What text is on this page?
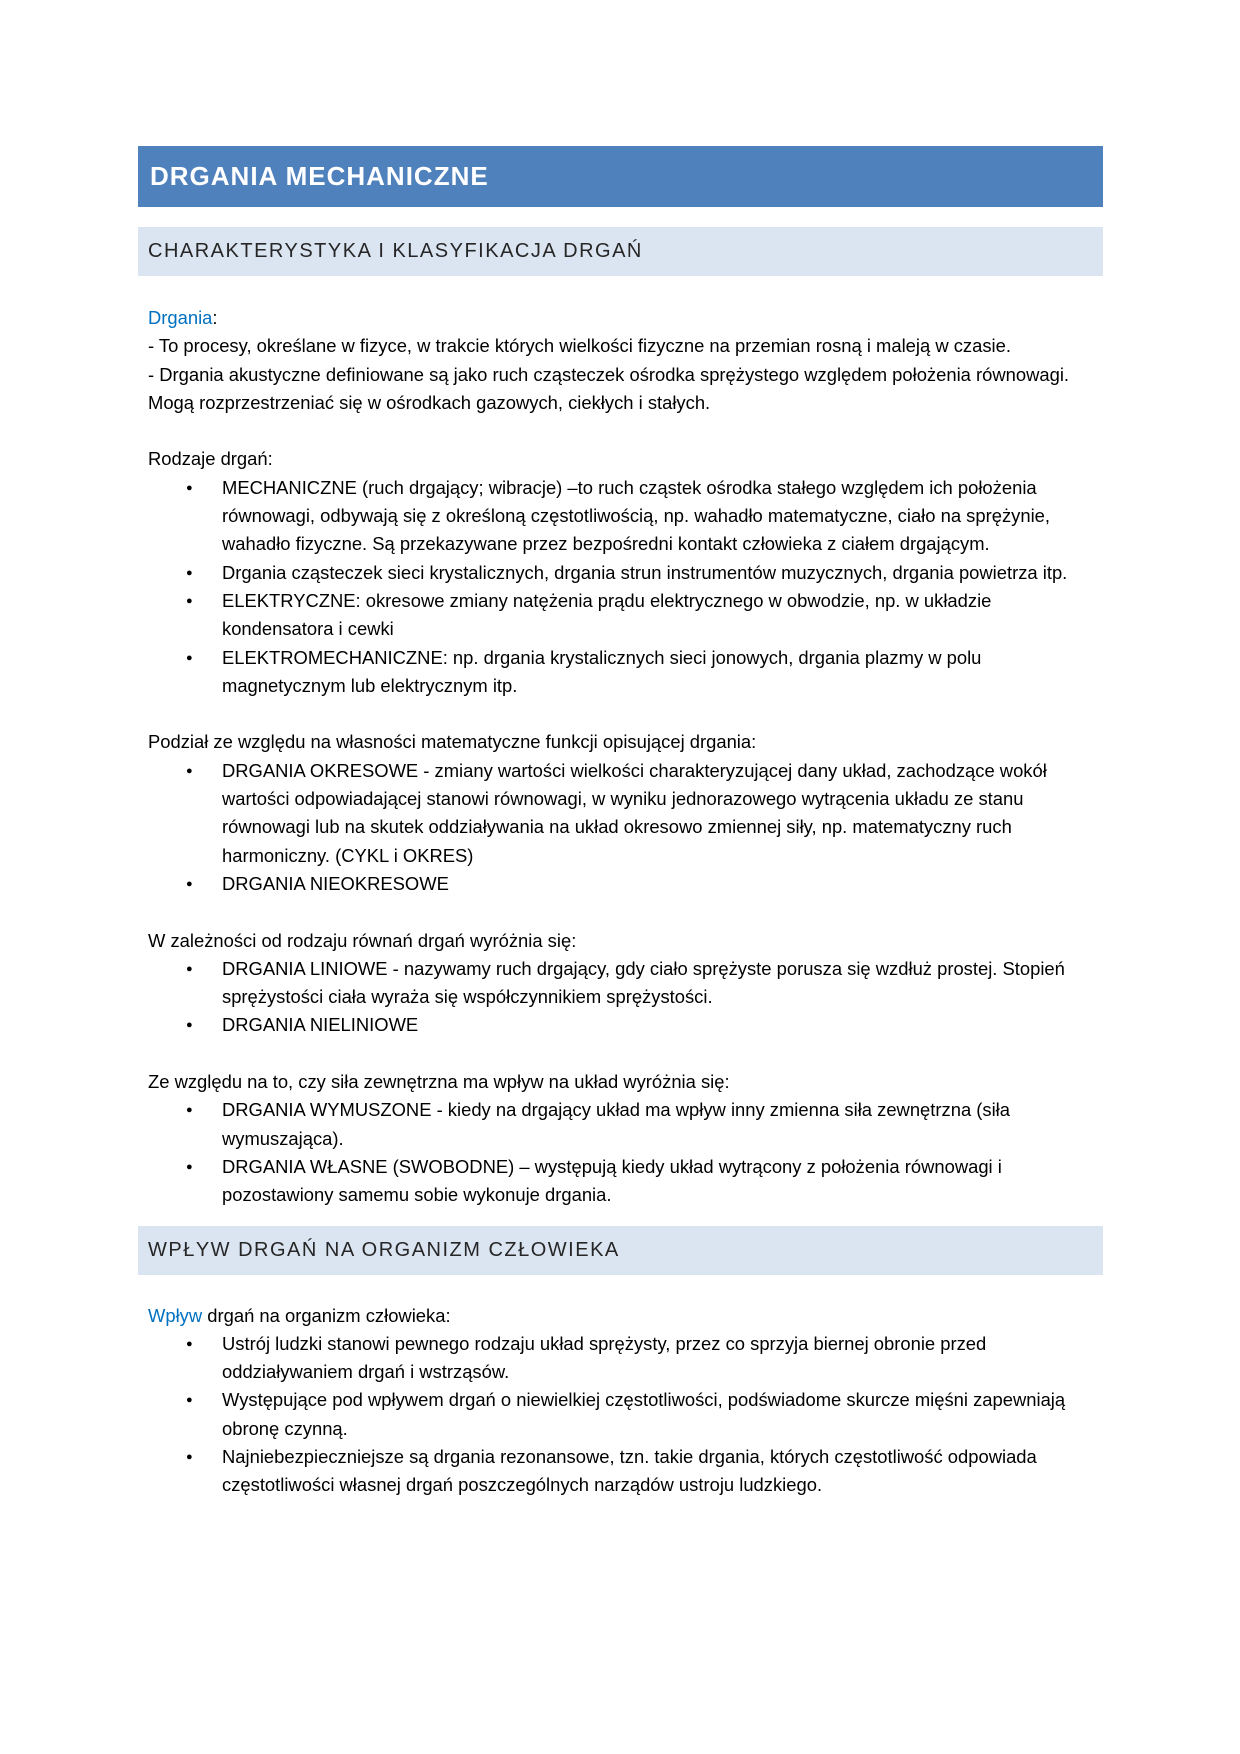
DRGANIA MECHANICZNE
CHARAKTERYSTYKA I KLASYFIKACJA DRGAŃ

Drgania:

- To procesy, określane w fizyce, w trakcie których wielkości fizyczne na przemian rosną i maleją w czasie.

- Drgania akustyczne definiowane są jako ruch cząsteczek ośrodka sprężystego względem położenia równowagi. Mogą rozprzestrzeniać się w ośrodkach gazowych, ciekłych i stałych.

Rodzaje drgań:

● MECHANICZNE (ruch drgający; wibracje) –to ruch cząstek ośrodka stałego względem ich położenia równowagi, odbywają się z określoną częstotliwością, np. wahadło matematyczne, ciało na sprężynie, wahadło fizyczne. Są przekazywane przez bezpośredni kontakt człowieka z ciałem drgającym.
● Drgania cząsteczek sieci krystalicznych, drgania strun instrumentów muzycznych, drgania powietrza itp.
● ELEKTRYCZNE: okresowe zmiany natężenia prądu elektrycznego w obwodzie, np. w układzie kondensatora i cewki
● ELEKTROMECHANICZNE: np. drgania krystalicznych sieci jonowych, drgania plazmy w polu magnetycznym lub elektrycznym itp.

Podział ze względu na własności matematyczne funkcji opisującej drgania:

● DRGANIA OKRESOWE - zmiany wartości wielkości charakteryzującej dany układ, zachodzące wokół wartości odpowiadającej stanowi równowagi, w wyniku jednorazowego wytrącenia układu ze stanu równowagi lub na skutek oddziaływania na układ okresowo zmiennej siły, np. matematyczny ruch harmoniczny. (CYKL i OKRES)
● DRGANIA NIEOKRESOWE

W zależności od rodzaju równań drgań wyróżnia się:

● DRGANIA LINIOWE - nazywamy ruch drgający, gdy ciało sprężyste porusza się wzdłuż prostej. Stopień sprężystości ciała wyraża się współczynnikiem sprężystości.
● DRGANIA NIELINIOWE

Ze względu na to, czy siła zewnętrzna ma wpływ na układ wyróżnia się:

● DRGANIA WYMUSZONE - kiedy na drgający układ ma wpływ inny zmienna siła zewnętrzna (siła wymuszająca).
● DRGANIA WŁASNE (SWOBODNE) – występują kiedy układ wytrącony z położenia równowagi i pozostawiony samemu sobie wykonuje drgania.
WPŁYW DRGAŃ NA ORGANIZM CZŁOWIEKA

Wpływ drgań na organizm człowieka:

● Ustrój ludzki stanowi pewnego rodzaju układ sprężysty, przez co sprzyja biernej obronie przed oddziaływaniem drgań i wstrząsów.
● Występujące pod wpływem drgań o niewielkiej częstotliwości, podświadome skurcze mięśni zapewniają obronę czynną.
● Najniebezpieczniejsze są drgania rezonansowe, tzn. takie drgania, których częstotliwość odpowiada częstotliwości własnej drgań poszczególnych narządów ustroju ludzkiego.
